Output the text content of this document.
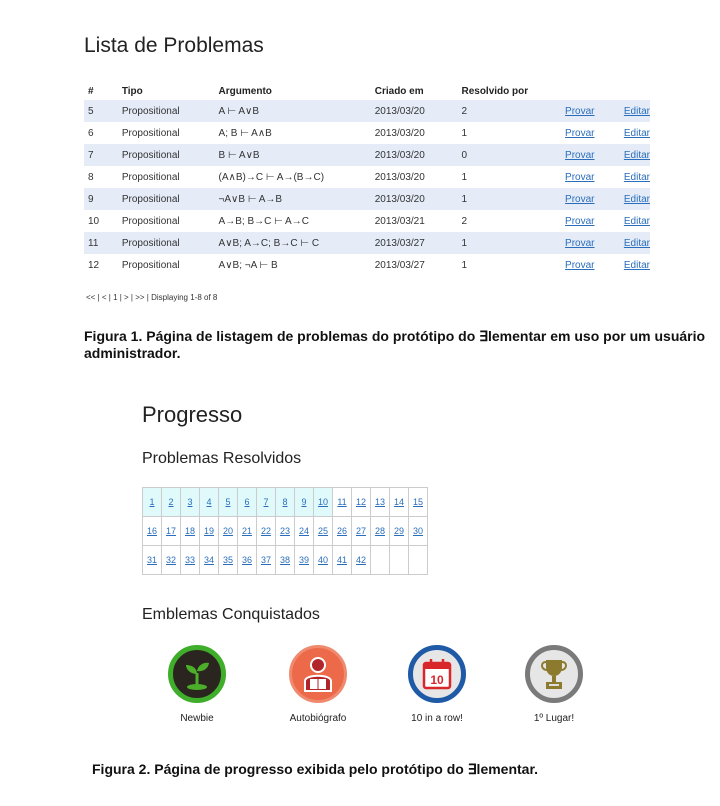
Lista de Problemas
#	Tipo	Argumento	Criado em	Resolvido por		
5	Propositional	A ⊢ A∨B	2013/03/20	2	Provar	Editar
6	Propositional	A; B ⊢ A∧B	2013/03/20	1	Provar	Editar
7	Propositional	B ⊢ A∨B	2013/03/20	0	Provar	Editar
8	Propositional	(A∧B)→C ⊢ A→(B→C)	2013/03/20	1	Provar	Editar
9	Propositional	¬A∨B ⊢ A→B	2013/03/20	1	Provar	Editar
10	Propositional	A→B; B→C ⊢ A→C	2013/03/21	2	Provar	Editar
11	Propositional	A∨B; A→C; B→C ⊢ C	2013/03/27	1	Provar	Editar
12	Propositional	A∨B; ¬A ⊢ B	2013/03/27	1	Provar	Editar
<< | < | 1 | > | >> | Displaying 1-8 of 8
Figura 1. Página de listagem de problemas do protótipo do ∃lementar em uso por um usuário administrador.
Progresso
Problemas Resolvidos
1	2	3	4	5	6	7	8	9	10	11	12	13	14	15
16	17	18	19	20	21	22	23	24	25	26	27	28	29	30
31	32	33	34	35	36	37	38	39	40	41	42			
Emblemas Conquistados
Newbie	Autobiógrafo
10
10 in a row!	1º Lugar!
Figura 2. Página de progresso exibida pelo protótipo do ∃lementar.
